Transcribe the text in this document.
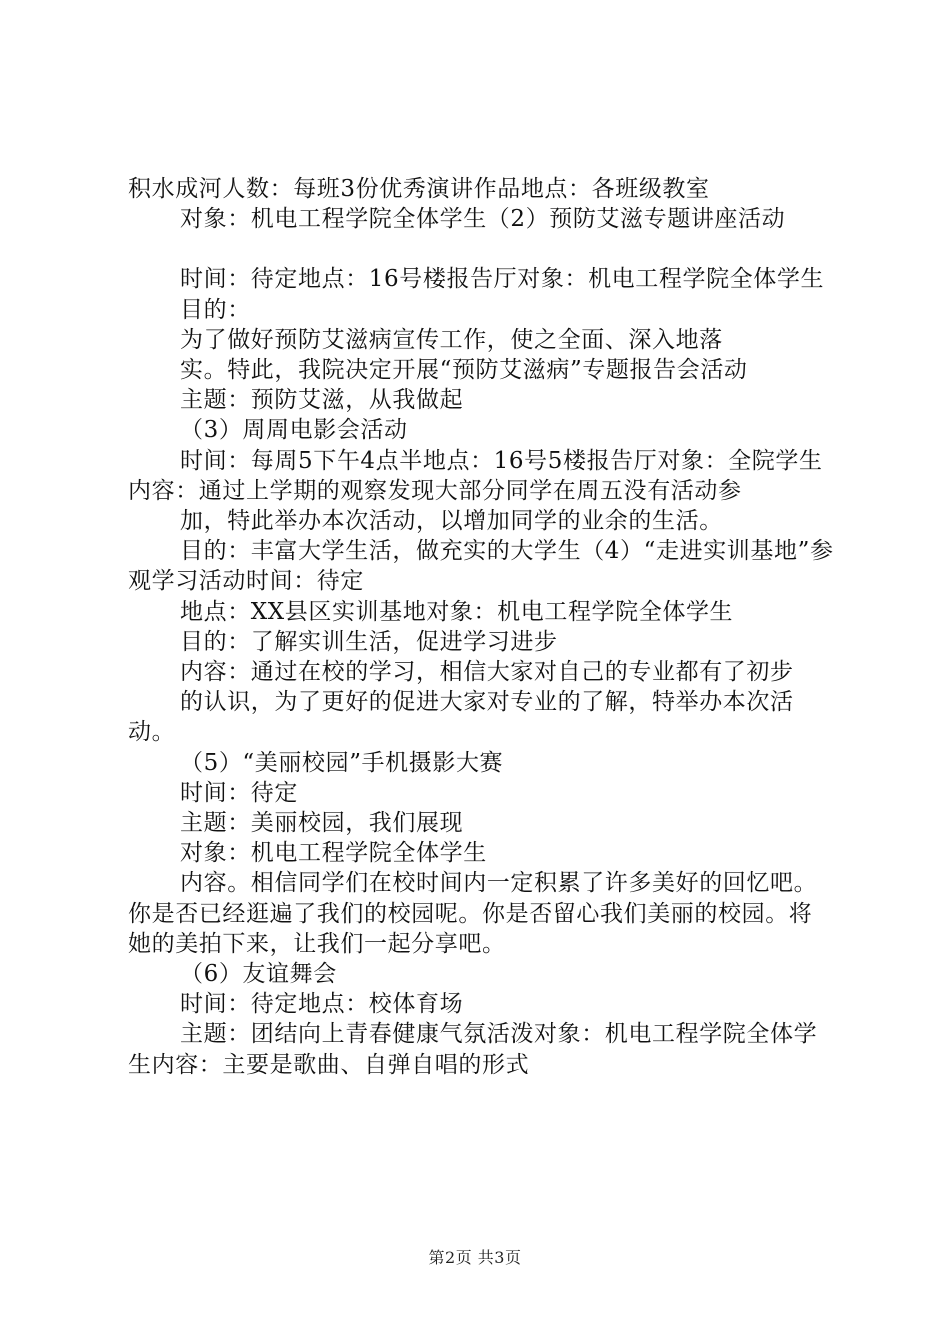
积水成河人数：每班3份优秀演讲作品地点：各班级教室

对象：机电工程学院全体学生（2）预防艾滋专题讲座活动

时间：待定地点：16号楼报告厅对象：机电工程学院全体学生

目的：

为了做好预防艾滋病宣传工作，使之全面、深入地落

实。特此，我院决定开展“预防艾滋病”专题报告会活动

主题：预防艾滋，从我做起

（3）周周电影会活动

时间：每周5下午4点半地点：16号5楼报告厅对象：全院学生内容：通过上学期的观察发现大部分同学在周五没有活动参

加，特此举办本次活动，以增加同学的业余的生活。

目的：丰富大学生活，做充实的大学生（4）“走进实训基地”参观学习活动时间：待定

地点：XX县区实训基地对象：机电工程学院全体学生

目的：了解实训生活，促进学习进步

内容：通过在校的学习，相信大家对自己的专业都有了初步

的认识，为了更好的促进大家对专业的了解，特举办本次活动。

（5）“美丽校园”手机摄影大赛

时间：待定

主题：美丽校园，我们展现

对象：机电工程学院全体学生

内容。相信同学们在校时间内一定积累了许多美好的回忆吧。你是否已经逛遍了我们的校园呢。你是否留心我们美丽的校园。将她的美拍下来，让我们一起分享吧。

（6）友谊舞会

时间：待定地点：校体育场

主题：团结向上青春健康气氛活泼对象：机电工程学院全体学生内容：主要是歌曲、自弹自唱的形式

第2页 共3页
